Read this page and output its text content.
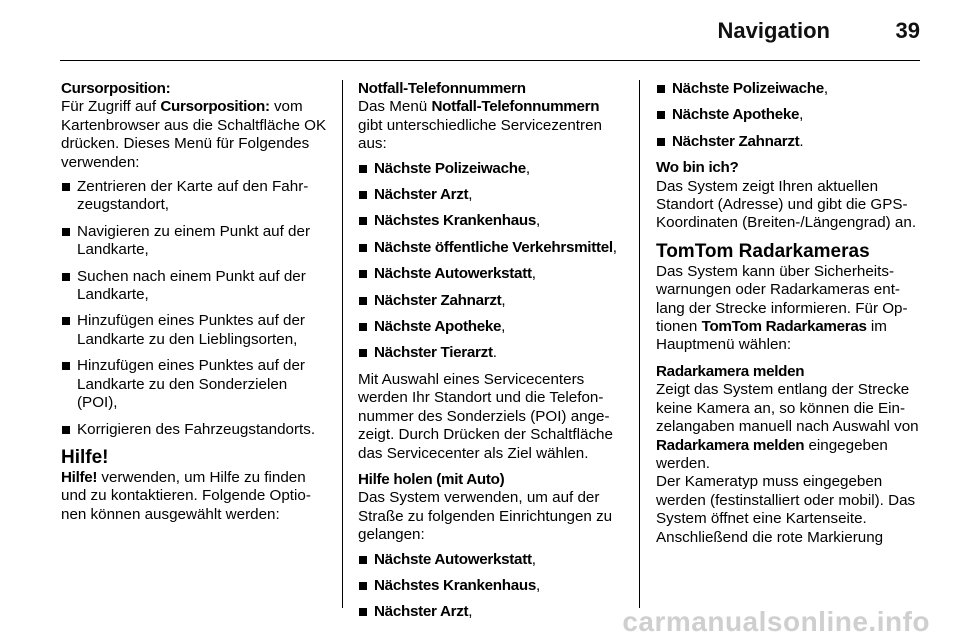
Navigation	39
Cursorposition:

Für Zugriff auf Cursorposition: vom Kartenbrowser aus die Schaltfläche OK drücken. Dieses Menü für Folgendes verwenden:

Zentrieren der Karte auf den Fahrzeugstandort,
Navigieren zu einem Punkt auf der Landkarte,
Suchen nach einem Punkt auf der Landkarte,
Hinzufügen eines Punktes auf der Landkarte zu den Lieblingsorten,
Hinzufügen eines Punktes auf der Landkarte zu den Sonderzielen (POI),
Korrigieren des Fahrzeugstandorts.
Hilfe!

Hilfe! verwenden, um Hilfe zu finden und zu kontaktieren. Folgende Optionen können ausgewählt werden:

Notfall-Telefonnummern

Das Menü Notfall-Telefonnummern gibt unterschiedliche Servicezentren aus:

Nächste Polizeiwache,
Nächster Arzt,
Nächstes Krankenhaus,
Nächste öffentliche Verkehrsmittel,
Nächste Autowerkstatt,
Nächster Zahnarzt,
Nächste Apotheke,
Nächster Tierarzt.

Mit Auswahl eines Servicecenters werden Ihr Standort und die Telefonnummer des Sonderziels (POI) angezeigt. Durch Drücken der Schaltfläche das Servicecenter als Ziel wählen.

Hilfe holen (mit Auto)

Das System verwenden, um auf der Straße zu folgenden Einrichtungen zu gelangen:

Nächste Autowerkstatt,
Nächstes Krankenhaus,
Nächster Arzt,
Nächste Polizeiwache,
Nächste Apotheke,
Nächster Zahnarzt.
Wo bin ich?

Das System zeigt Ihren aktuellen Standort (Adresse) und gibt die GPS-Koordinaten (Breiten-/Längengrad) an.

TomTom Radarkameras

Das System kann über Sicherheitswarnungen oder Radarkameras entlang der Strecke informieren. Für Optionen TomTom Radarkameras im Hauptmenü wählen:

Radarkamera melden

Zeigt das System entlang der Strecke keine Kamera an, so können die Einzelangaben manuell nach Auswahl von Radarkamera melden eingegeben werden.

Der Kameratyp muss eingegeben werden (festinstalliert oder mobil). Das System öffnet eine Kartenseite. Anschließend die rote Markierung

carmanualsonline.info
